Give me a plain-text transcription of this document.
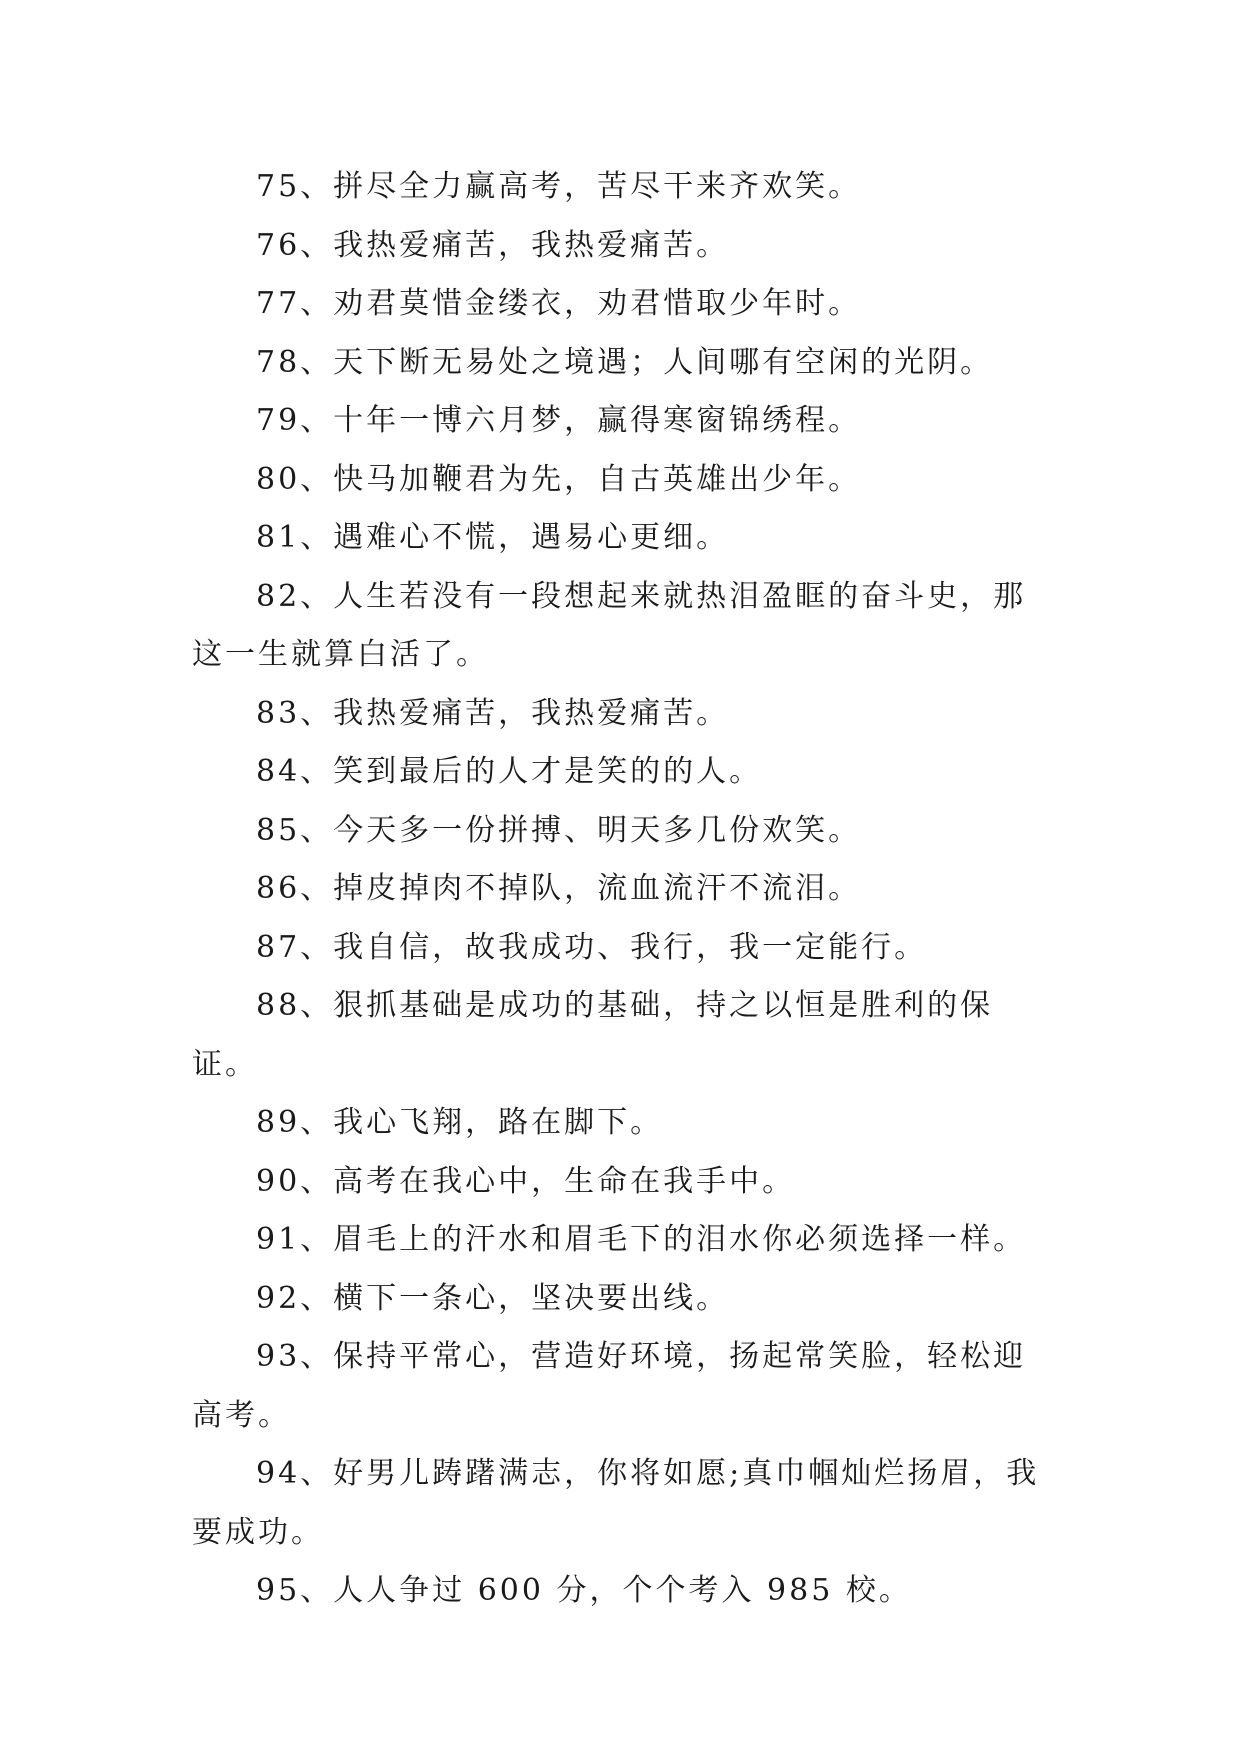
75、拼尽全力赢高考，苦尽干来齐欢笑。

76、我热爱痛苦，我热爱痛苦。

77、劝君莫惜金缕衣，劝君惜取少年时。

78、天下断无易处之境遇；人间哪有空闲的光阴。

79、十年一博六月梦，赢得寒窗锦绣程。

80、快马加鞭君为先，自古英雄出少年。

81、遇难心不慌，遇易心更细。

82、人生若没有一段想起来就热泪盈眶的奋斗史，那这一生就算白活了。

83、我热爱痛苦，我热爱痛苦。

84、笑到最后的人才是笑的的人。

85、今天多一份拼搏、明天多几份欢笑。

86、掉皮掉肉不掉队，流血流汗不流泪。

87、我自信，故我成功、我行，我一定能行。

88、狠抓基础是成功的基础，持之以恒是胜利的保证。

89、我心飞翔，路在脚下。

90、高考在我心中，生命在我手中。

91、眉毛上的汗水和眉毛下的泪水你必须选择一样。

92、横下一条心，坚决要出线。

93、保持平常心，营造好环境，扬起常笑脸，轻松迎高考。

94、好男儿踌躇满志，你将如愿;真巾帼灿烂扬眉，我要成功。

95、人人争过 600 分，个个考入 985 校。
